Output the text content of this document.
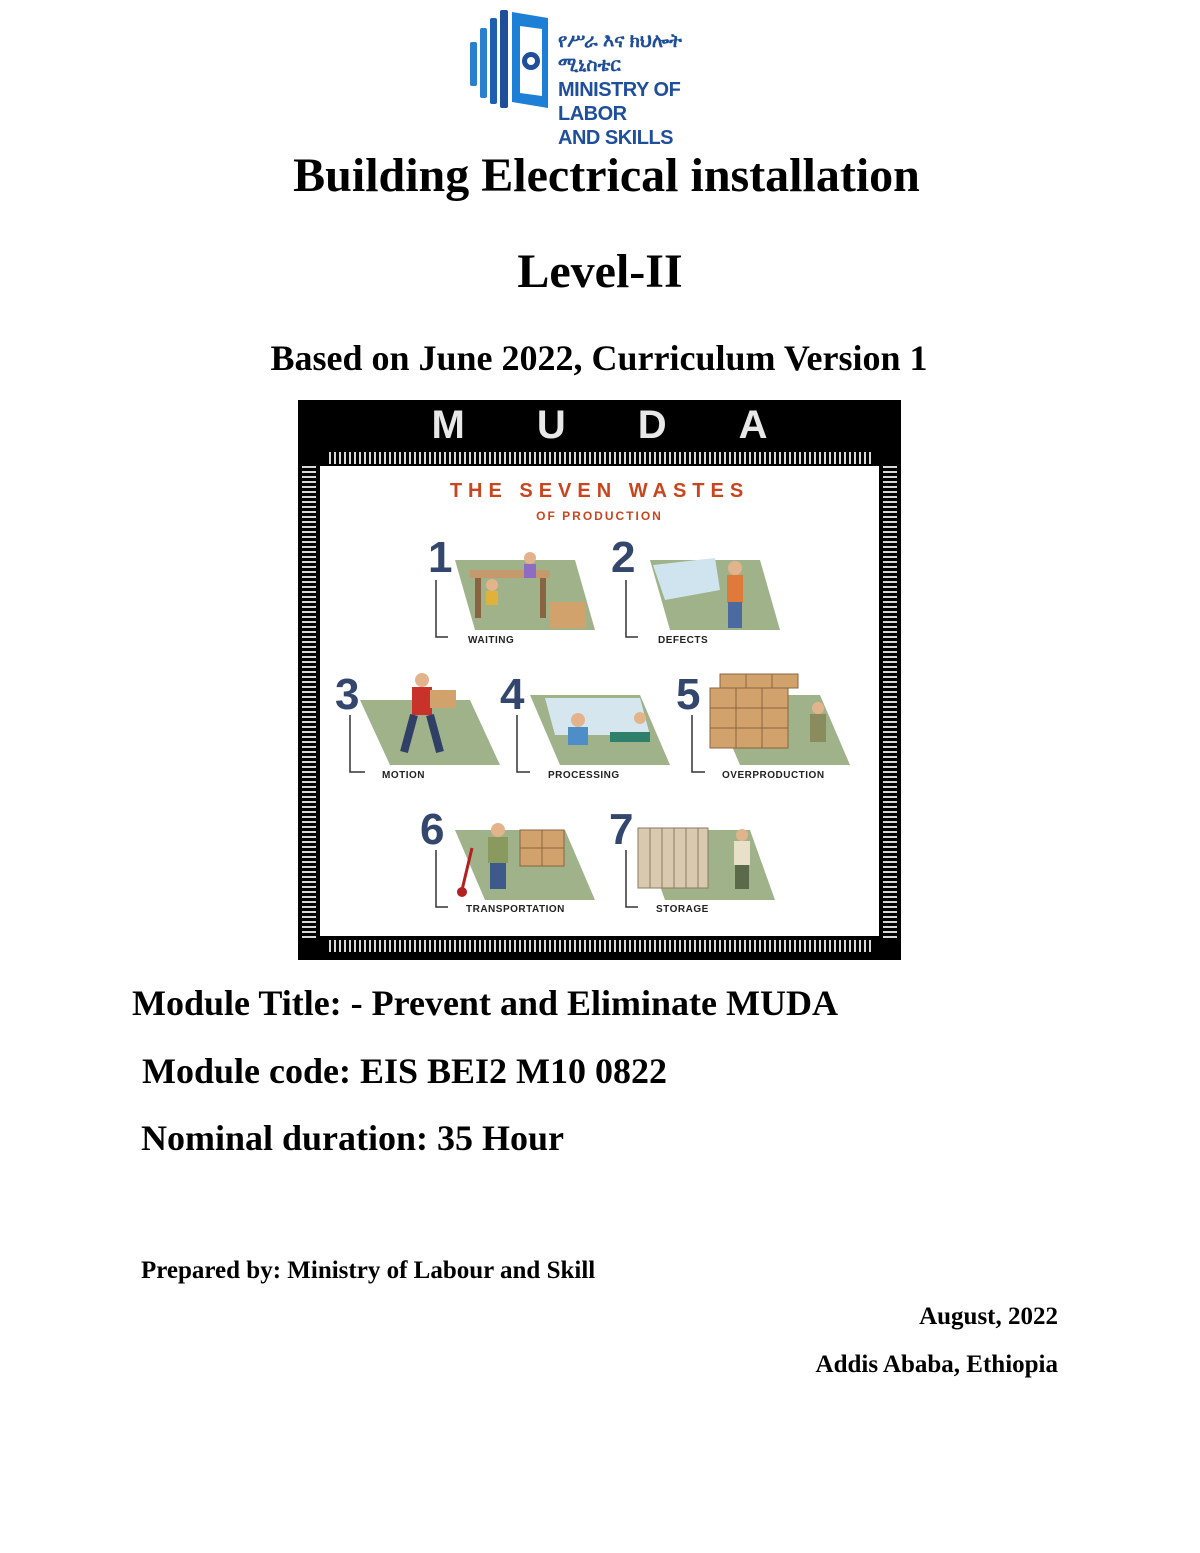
የሥራ እና ክህሎት ሚኒስቴር
MINISTRY OF LABOR
AND SKILLS
Building Electrical installation
Level-II
Based on June 2022, Curriculum Version 1
MUDA
THE SEVEN WASTES
OF PRODUCTION
1
WAITING
2
DEFECTS
3
MOTION
4
PROCESSING
5
OVERPRODUCTION
6
TRANSPORTATION
7
STORAGE
Module Title: - Prevent and Eliminate MUDA
Module code: EIS BEI2 M10 0822
Nominal duration: 35 Hour
Prepared by: Ministry of Labour and Skill
August, 2022
Addis Ababa, Ethiopia
